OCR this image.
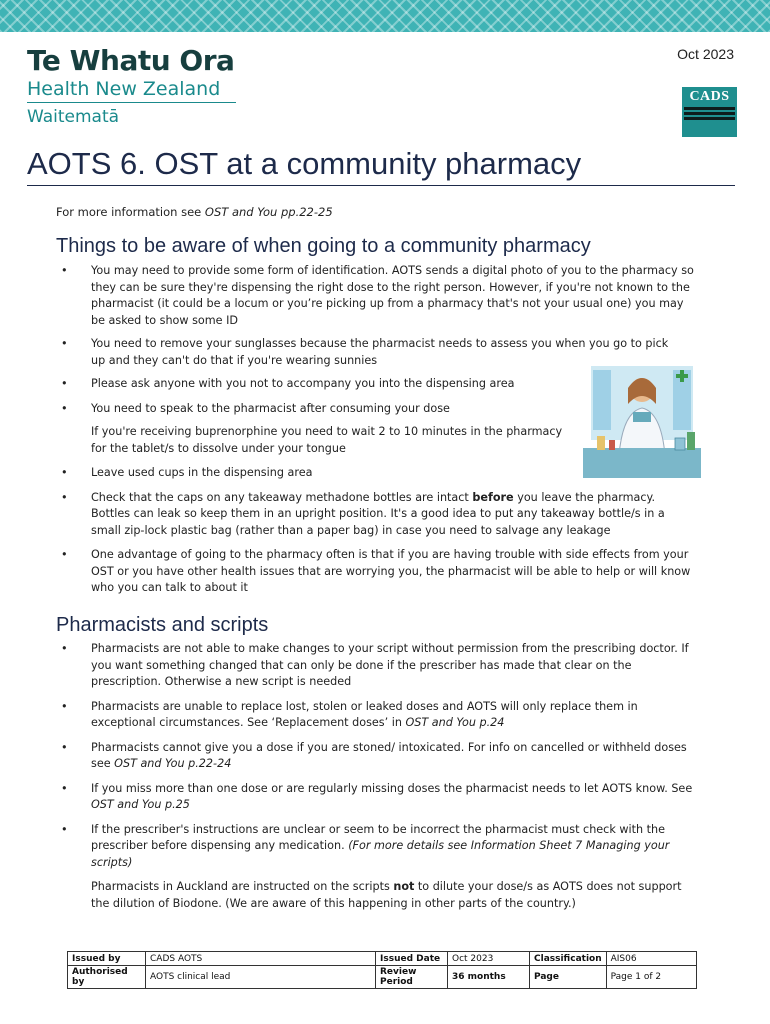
Te Whatu Ora
Health New Zealand
Waitematā
Oct 2023
CADS
AOTS 6. OST at a community pharmacy
For more information see OST and You pp.22-25
Things to be aware of when going to a community pharmacy
• You may need to provide some form of identification. AOTS sends a digital photo of you to the pharmacy so they can be sure they're dispensing the right dose to the right person. However, if you're not known to the pharmacist (it could be a locum or you’re picking up from a pharmacy that's not your usual one) you may be asked to show some ID
• You need to remove your sunglasses because the pharmacist needs to assess you when you go to pick up and they can't do that if you're wearing sunnies
• Please ask anyone with you not to accompany you into the dispensing area
• You need to speak to the pharmacist after consuming your dose
If you're receiving buprenorphine you need to wait 2 to 10 minutes in the pharmacy for the tablet/s to dissolve under your tongue
• Leave used cups in the dispensing area
• Check that the caps on any takeaway methadone bottles are intact before you leave the pharmacy. Bottles can leak so keep them in an upright position. It's a good idea to put any takeaway bottle/s in a small zip-lock plastic bag (rather than a paper bag) in case you need to salvage any leakage
• One advantage of going to the pharmacy often is that if you are having trouble with side effects from your OST or you have other health issues that are worrying you, the pharmacist will be able to help or will know who you can talk to about it
Pharmacists and scripts
• Pharmacists are not able to make changes to your script without permission from the prescribing doctor. If you want something changed that can only be done if the prescriber has made that clear on the prescription. Otherwise a new script is needed
• Pharmacists are unable to replace lost, stolen or leaked doses and AOTS will only replace them in exceptional circumstances. See ‘Replacement doses’ in OST and You p.24
• Pharmacists cannot give you a dose if you are stoned/ intoxicated. For info on cancelled or withheld doses see OST and You p.22-24
• If you miss more than one dose or are regularly missing doses the pharmacist needs to let AOTS know. See OST and You p.25
• If the prescriber's instructions are unclear or seem to be incorrect the pharmacist must check with the prescriber before dispensing any medication. (For more details see Information Sheet 7 Managing your scripts)
Pharmacists in Auckland are instructed on the scripts not to dilute your dose/s as AOTS does not support the dilution of Biodone. (We are aware of this happening in other parts of the country.)
Issued by	CADS AOTS	Issued Date	Oct 2023	Classification	AIS06
Authorised by	AOTS clinical lead	Review Period	36 months	Page	Page 1 of 2
